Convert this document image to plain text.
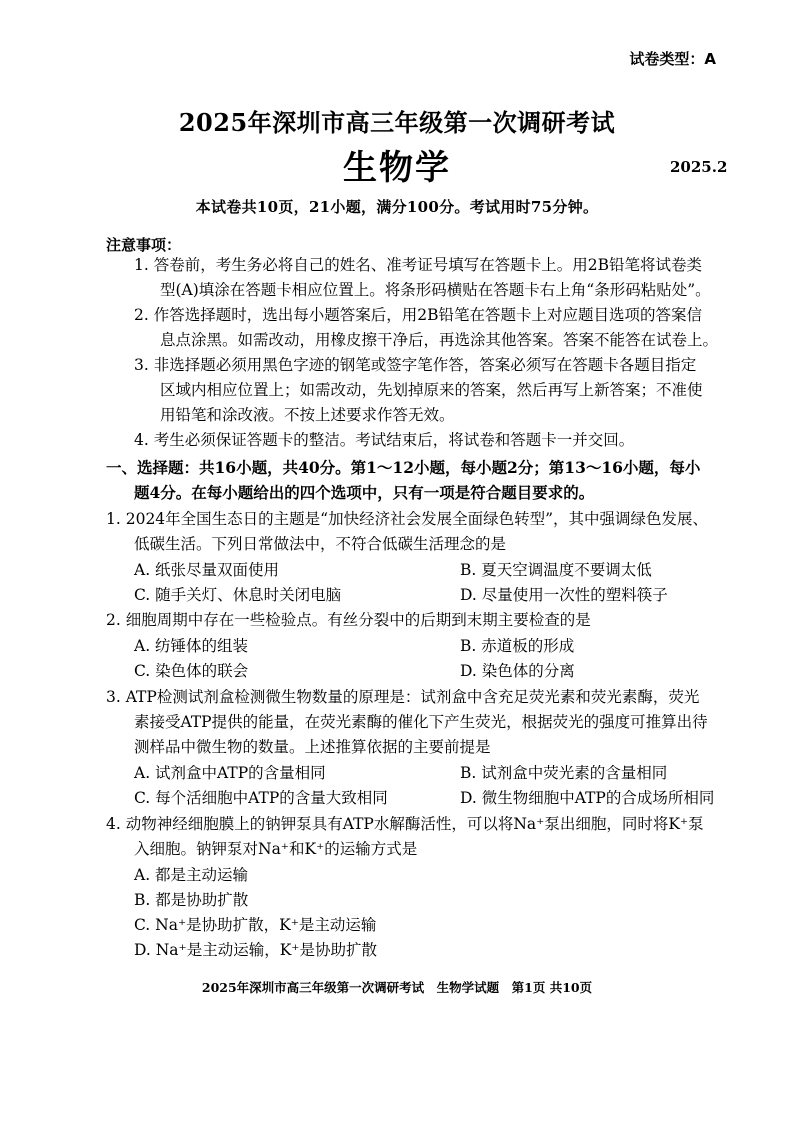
试卷类型：A
2025年深圳市高三年级第一次调研考试
生物学	2025.2
本试卷共10页，21小题，满分100分。考试用时75分钟。
注意事项：
1. 答卷前，考生务必将自己的姓名、准考证号填写在答题卡上。用2B铅笔将试卷类
型(A)填涂在答题卡相应位置上。将条形码横贴在答题卡右上角“条形码粘贴处”。
2. 作答选择题时，选出每小题答案后，用2B铅笔在答题卡上对应题目选项的答案信
息点涂黑。如需改动，用橡皮擦干净后，再选涂其他答案。答案不能答在试卷上。
3. 非选择题必须用黑色字迹的钢笔或签字笔作答，答案必须写在答题卡各题目指定
区域内相应位置上；如需改动，先划掉原来的答案，然后再写上新答案；不准使
用铅笔和涂改液。不按上述要求作答无效。
4. 考生必须保证答题卡的整洁。考试结束后，将试卷和答题卡一并交回。
一、选择题：共16小题，共40分。第1～12小题，每小题2分；第13～16小题，每小
题4分。在每小题给出的四个选项中，只有一项是符合题目要求的。
1. 2024年全国生态日的主题是“加快经济社会发展全面绿色转型”，其中强调绿色发展、
低碳生活。下列日常做法中，不符合低碳生活理念的是
A. 纸张尽量双面使用	B. 夏天空调温度不要调太低
C. 随手关灯、休息时关闭电脑	D. 尽量使用一次性的塑料筷子
2. 细胞周期中存在一些检验点。有丝分裂中的后期到末期主要检查的是
A. 纺锤体的组装	B. 赤道板的形成
C. 染色体的联会	D. 染色体的分离
3. ATP检测试剂盒检测微生物数量的原理是：试剂盒中含充足荧光素和荧光素酶，荧光
素接受ATP提供的能量，在荧光素酶的催化下产生荧光，根据荧光的强度可推算出待
测样品中微生物的数量。上述推算依据的主要前提是
A. 试剂盒中ATP的含量相同	B. 试剂盒中荧光素的含量相同
C. 每个活细胞中ATP的含量大致相同	D. 微生物细胞中ATP的合成场所相同
4. 动物神经细胞膜上的钠钾泵具有ATP水解酶活性，可以将Na⁺泵出细胞，同时将K⁺泵
入细胞。钠钾泵对Na⁺和K⁺的运输方式是
A. 都是主动运输
B. 都是协助扩散
C. Na⁺是协助扩散，K⁺是主动运输
D. Na⁺是主动运输，K⁺是协助扩散
2025年深圳市高三年级第一次调研考试　生物学试题　第1页 共10页
